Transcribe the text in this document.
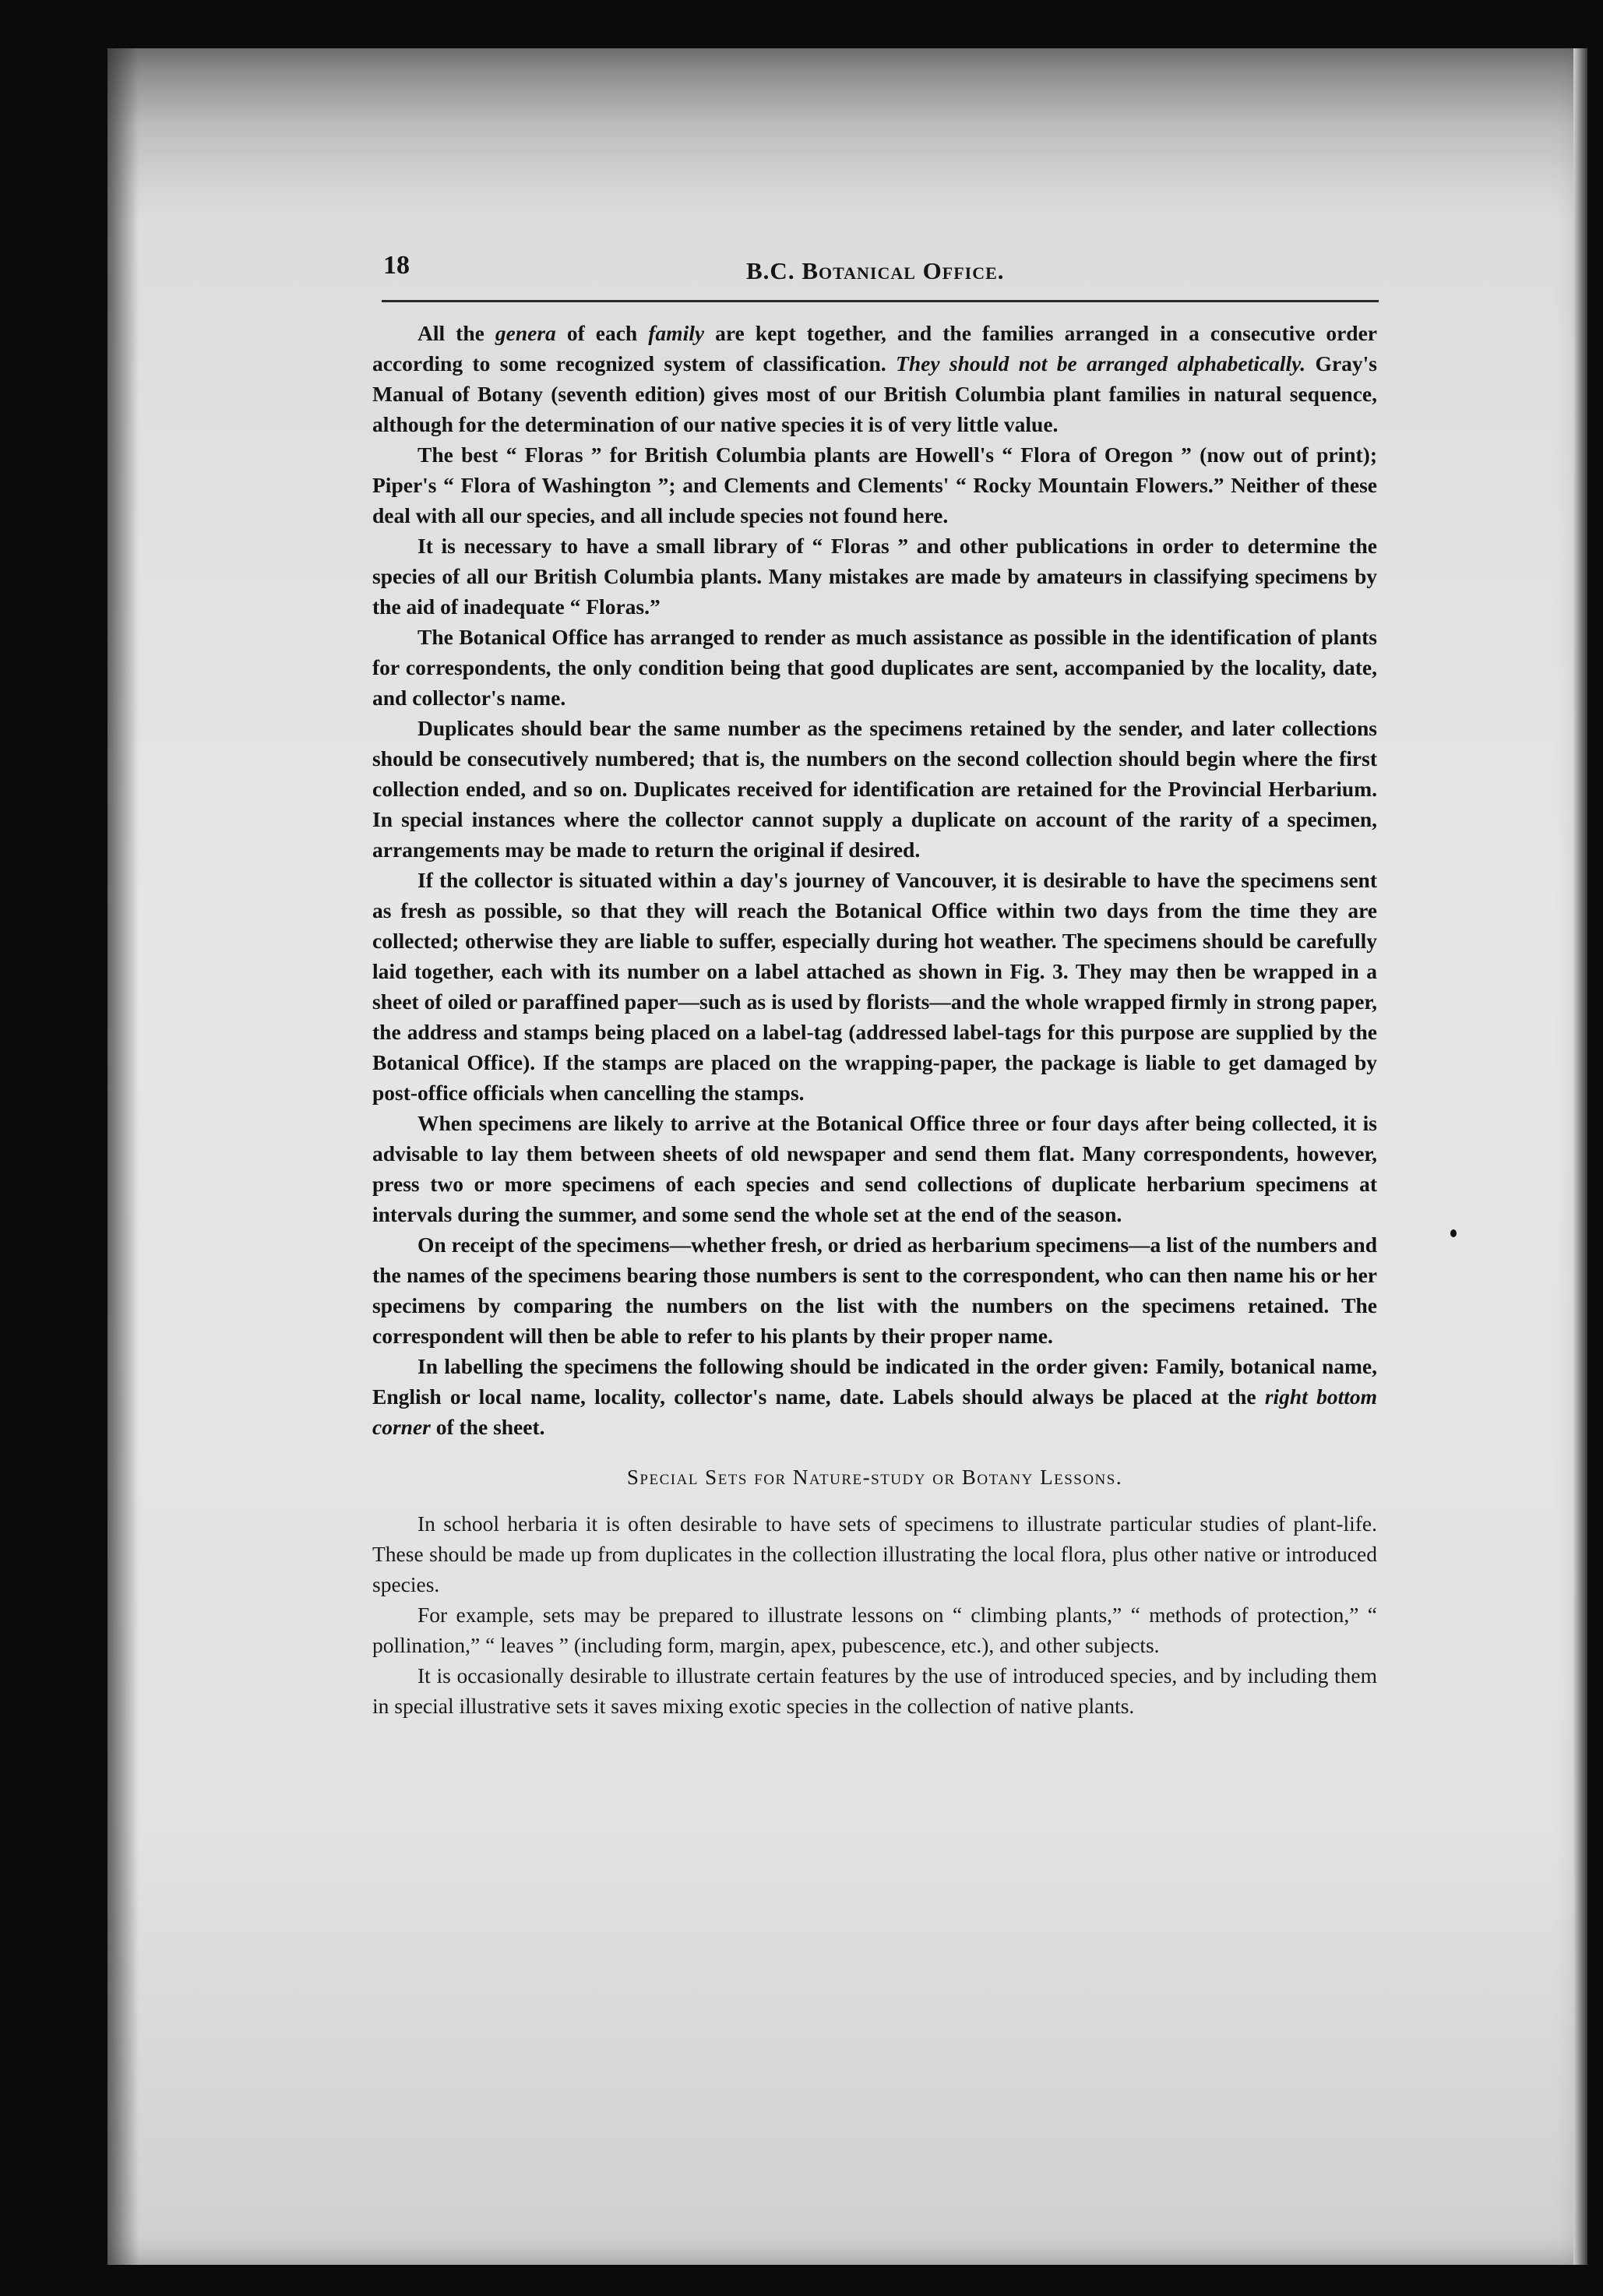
18	B.C. Botanical Office.

All the genera of each family are kept together, and the families arranged in a consecutive order according to some recognized system of classification. They should not be arranged alphabetically. Gray's Manual of Botany (seventh edition) gives most of our British Columbia plant families in natural sequence, although for the determination of our native species it is of very little value.

The best “ Floras ” for British Columbia plants are Howell's “ Flora of Oregon ” (now out of print); Piper's “ Flora of Washington ”; and Clements and Clements' “ Rocky Mountain Flowers.” Neither of these deal with all our species, and all include species not found here.

It is necessary to have a small library of “ Floras ” and other publications in order to determine the species of all our British Columbia plants. Many mistakes are made by amateurs in classifying specimens by the aid of inadequate “ Floras.”

The Botanical Office has arranged to render as much assistance as possible in the identification of plants for correspondents, the only condition being that good duplicates are sent, accompanied by the locality, date, and collector's name.

Duplicates should bear the same number as the specimens retained by the sender, and later collections should be consecutively numbered; that is, the numbers on the second collection should begin where the first collection ended, and so on. Duplicates received for identification are retained for the Provincial Herbarium. In special instances where the collector cannot supply a duplicate on account of the rarity of a specimen, arrangements may be made to return the original if desired.

If the collector is situated within a day's journey of Vancouver, it is desirable to have the specimens sent as fresh as possible, so that they will reach the Botanical Office within two days from the time they are collected; otherwise they are liable to suffer, especially during hot weather. The specimens should be carefully laid together, each with its number on a label attached as shown in Fig. 3. They may then be wrapped in a sheet of oiled or paraffined paper—such as is used by florists—and the whole wrapped firmly in strong paper, the address and stamps being placed on a label-tag (addressed label-tags for this purpose are supplied by the Botanical Office). If the stamps are placed on the wrapping-paper, the package is liable to get damaged by post-office officials when cancelling the stamps.

When specimens are likely to arrive at the Botanical Office three or four days after being collected, it is advisable to lay them between sheets of old newspaper and send them flat. Many correspondents, however, press two or more specimens of each species and send collections of duplicate herbarium specimens at intervals during the summer, and some send the whole set at the end of the season.

On receipt of the specimens—whether fresh, or dried as herbarium specimens—a list of the numbers and the names of the specimens bearing those numbers is sent to the correspondent, who can then name his or her specimens by comparing the numbers on the list with the numbers on the specimens retained. The correspondent will then be able to refer to his plants by their proper name.

In labelling the specimens the following should be indicated in the order given: Family, botanical name, English or local name, locality, collector's name, date. Labels should always be placed at the right bottom corner of the sheet.

Special Sets for Nature-study or Botany Lessons.

In school herbaria it is often desirable to have sets of specimens to illustrate particular studies of plant-life. These should be made up from duplicates in the collection illustrating the local flora, plus other native or introduced species.

For example, sets may be prepared to illustrate lessons on “ climbing plants,” “ methods of protection,” “ pollination,” “ leaves ” (including form, margin, apex, pubescence, etc.), and other subjects.

It is occasionally desirable to illustrate certain features by the use of introduced species, and by including them in special illustrative sets it saves mixing exotic species in the collection of native plants.
